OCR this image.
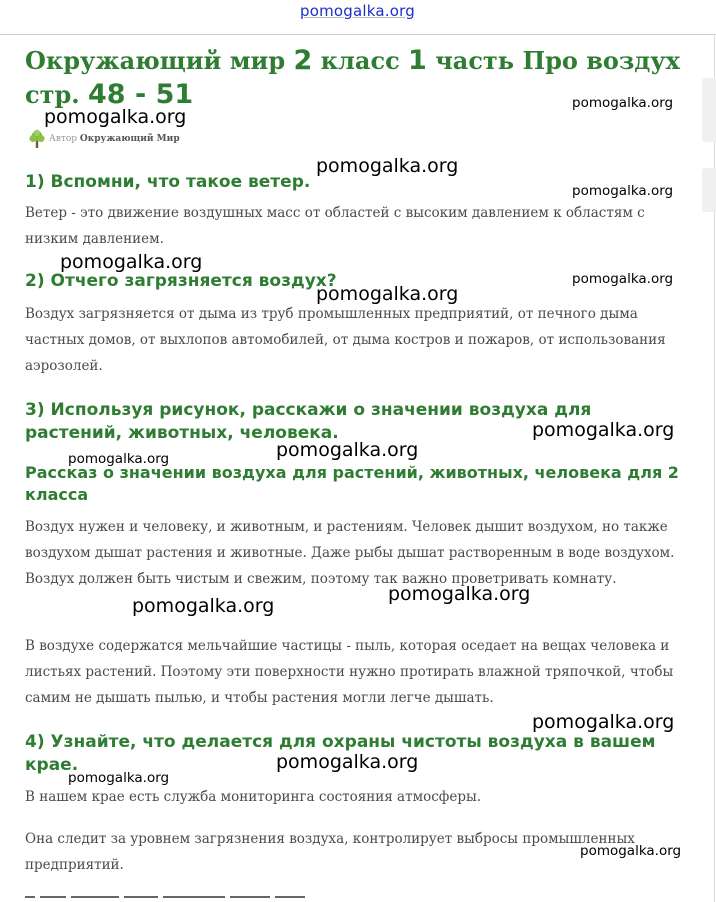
pomogalka.org
Окружающий мир 2 класс 1 часть Про воздух стр. 48 - 51
Автор Окружающий Мир
1) Вспомни, что такое ветер.

Ветер - это движение воздушных масс от областей с высоким давлением к областям с низким давлением.

2) Отчего загрязняется воздух?

Воздух загрязняется от дыма из труб промышленных предприятий, от печного дыма частных домов, от выхлопов автомобилей, от дыма костров и пожаров, от использования аэрозолей.

3) Используя рисунок, расскажи о значении воздуха для растений, животных, человека.
Рассказ о значении воздуха для растений, животных, человека для 2 класса

Воздух нужен и человеку, и животным, и растениям. Человек дышит воздухом, но также воздухом дышат растения и животные. Даже рыбы дышат растворенным в воде воздухом. Воздух должен быть чистым и свежим, поэтому так важно проветривать комнату.

В воздухе содержатся мельчайшие частицы - пыль, которая оседает на вещах человека и листьях растений. Поэтому эти поверхности нужно протирать влажной тряпочкой, чтобы самим не дышать пылью, и чтобы растения могли легче дышать.

4) Узнайте, что делается для охраны чистоты воздуха в вашем крае.

В нашем крае есть служба мониторинга состояния атмосферы.

Она следит за уровнем загрязнения воздуха, контролирует выбросы промышленных предприятий.

pomogalka.org
pomogalka.org
pomogalka.org
pomogalka.org
pomogalka.org
pomogalka.org
pomogalka.org
pomogalka.org
pomogalka.org
pomogalka.org
pomogalka.org
pomogalka.org
pomogalka.org
pomogalka.org
pomogalka.org
pomogalka.org
